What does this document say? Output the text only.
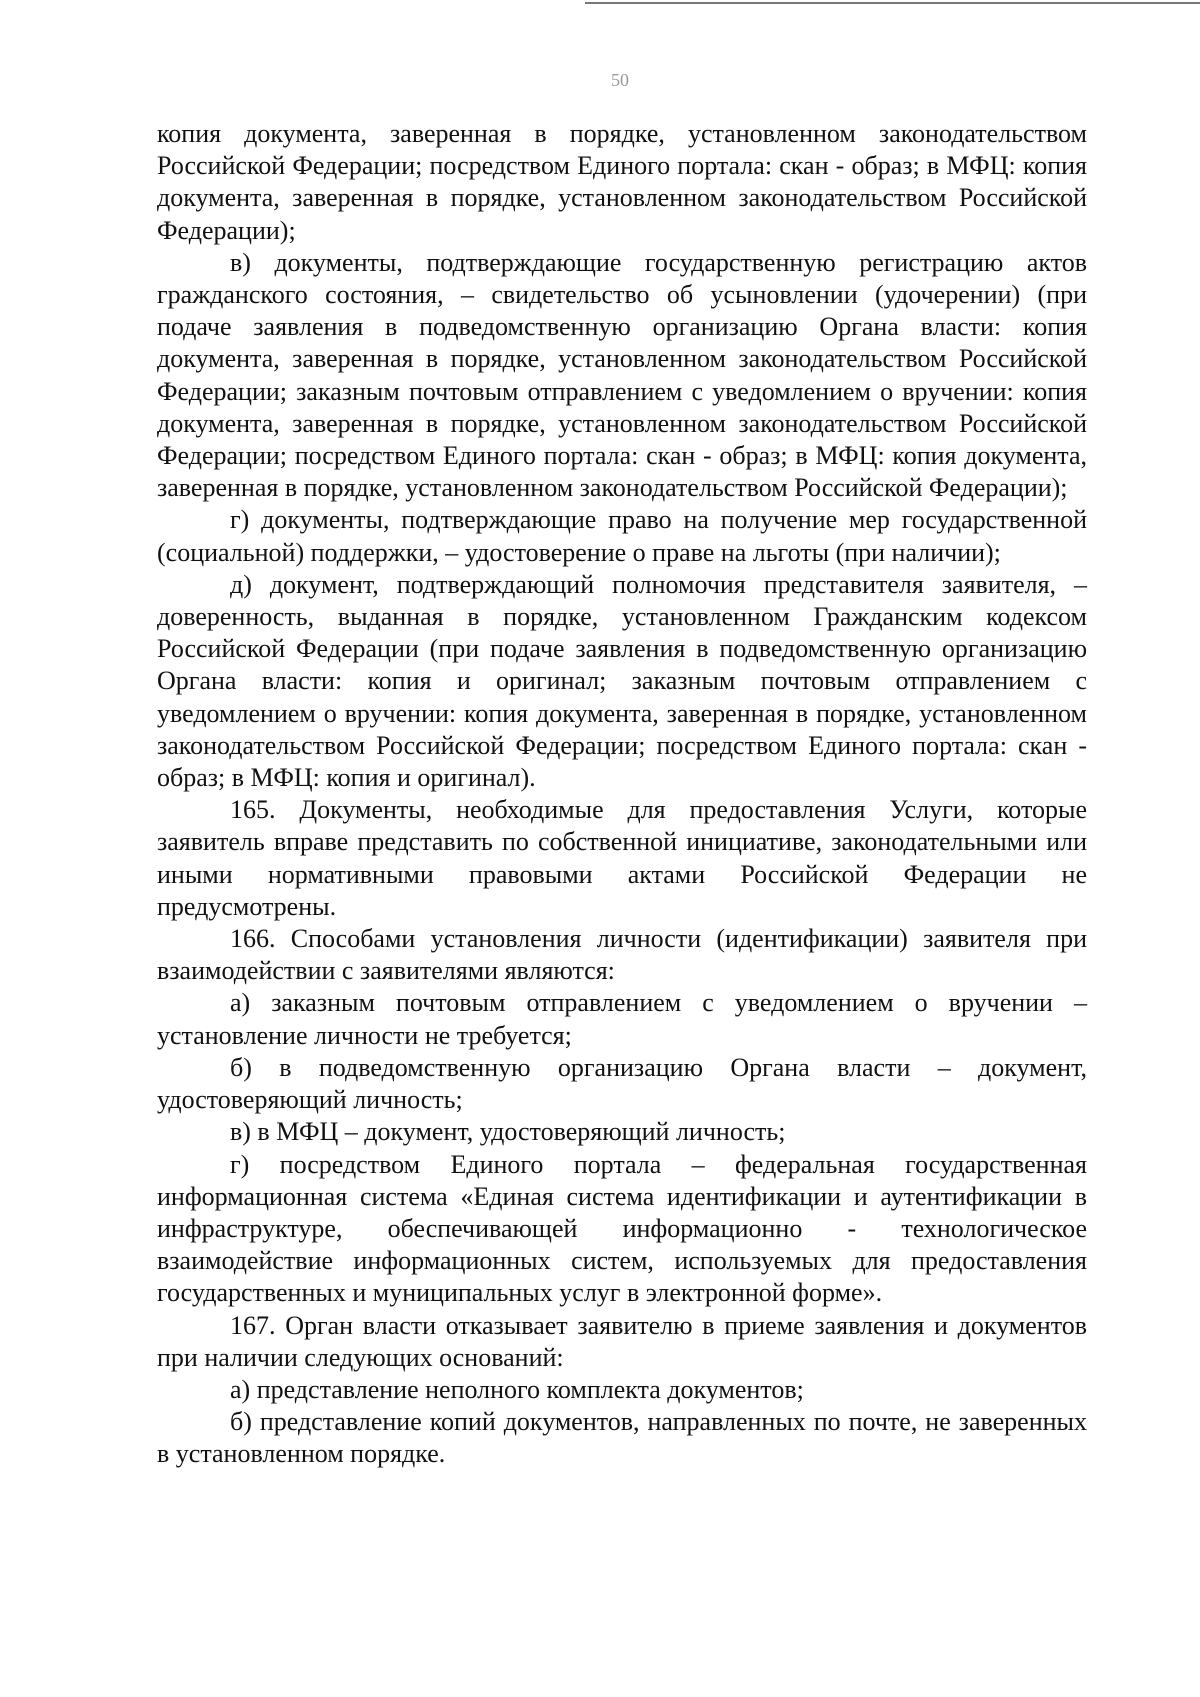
50

копия документа, заверенная в порядке, установленном законодательством Российской Федерации; посредством Единого портала: скан - образ; в МФЦ: копия документа, заверенная в порядке, установленном законодательством Российской Федерации);

в) документы, подтверждающие государственную регистрацию актов гражданского состояния, – свидетельство об усыновлении (удочерении) (при подаче заявления в подведомственную организацию Органа власти: копия документа, заверенная в порядке, установленном законодательством Российской Федерации; заказным почтовым отправлением с уведомлением о вручении: копия документа, заверенная в порядке, установленном законодательством Российской Федерации; посредством Единого портала: скан - образ; в МФЦ: копия документа, заверенная в порядке, установленном законодательством Российской Федерации);

г) документы, подтверждающие право на получение мер государственной (социальной) поддержки, – удостоверение о праве на льготы (при наличии);

д) документ, подтверждающий полномочия представителя заявителя, – доверенность, выданная в порядке, установленном Гражданским кодексом Российской Федерации (при подаче заявления в подведомственную организацию Органа власти: копия и оригинал; заказным почтовым отправлением с уведомлением о вручении: копия документа, заверенная в порядке, установленном законодательством Российской Федерации; посредством Единого портала: скан - образ; в МФЦ: копия и оригинал).

165. Документы, необходимые для предоставления Услуги, которые заявитель вправе представить по собственной инициативе, законодательными или иными нормативными правовыми актами Российской Федерации не предусмотрены.

166. Способами установления личности (идентификации) заявителя при взаимодействии с заявителями являются:

а) заказным почтовым отправлением с уведомлением о вручении – установление личности не требуется;

б) в подведомственную организацию Органа власти – документ, удостоверяющий личность;

в) в МФЦ – документ, удостоверяющий личность;

г) посредством Единого портала – федеральная государственная информационная система «Единая система идентификации и аутентификации в инфраструктуре, обеспечивающей информационно - технологическое взаимодействие информационных систем, используемых для предоставления государственных и муниципальных услуг в электронной форме».

167. Орган власти отказывает заявителю в приеме заявления и документов при наличии следующих оснований:

а) представление неполного комплекта документов;

б) представление копий документов, направленных по почте, не заверенных в установленном порядке.
